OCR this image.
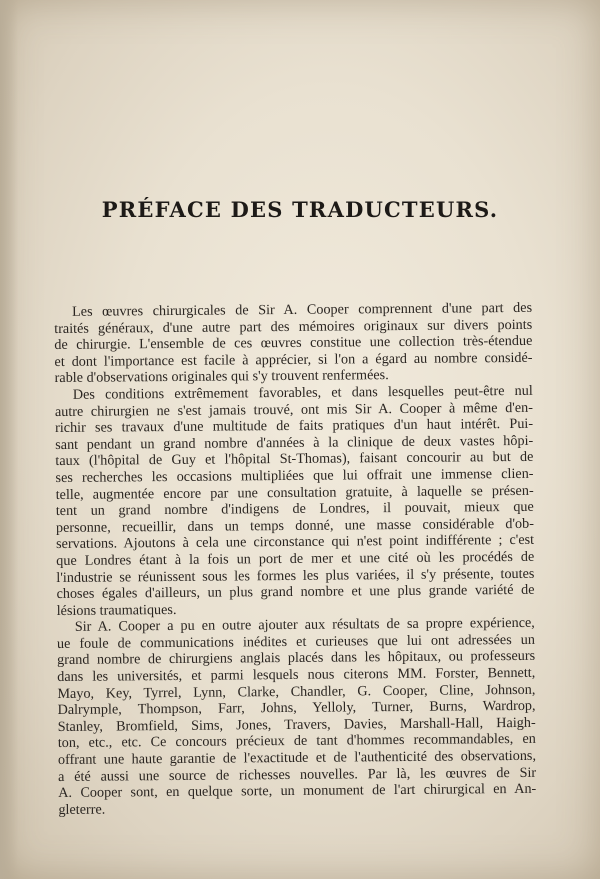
PRÉFACE DES TRADUCTEURS.
Les œuvres chirurgicales de Sir A. Cooper comprennent d'une part des
traités généraux, d'une autre part des mémoires originaux sur divers points
de chirurgie. L'ensemble de ces œuvres constitue une collection très-étendue
et dont l'importance est facile à apprécier, si l'on a égard au nombre considé-
rable d'observations originales qui s'y trouvent renfermées.
Des conditions extrêmement favorables, et dans lesquelles peut-être nul
autre chirurgien ne s'est jamais trouvé, ont mis Sir A. Cooper à même d'en-
richir ses travaux d'une multitude de faits pratiques d'un haut intérêt. Pui-
sant pendant un grand nombre d'années à la clinique de deux vastes hôpi-
taux (l'hôpital de Guy et l'hôpital St-Thomas), faisant concourir au but de
ses recherches les occasions multipliées que lui offrait une immense clien-
telle, augmentée encore par une consultation gratuite, à laquelle se présen-
tent un grand nombre d'indigens de Londres, il pouvait, mieux que
personne, recueillir, dans un temps donné, une masse considérable d'ob-
servations. Ajoutons à cela une circonstance qui n'est point indifférente ; c'est
que Londres étant à la fois un port de mer et une cité où les procédés de
l'industrie se réunissent sous les formes les plus variées, il s'y présente, toutes
choses égales d'ailleurs, un plus grand nombre et une plus grande variété de
lésions traumatiques.
Sir A. Cooper a pu en outre ajouter aux résultats de sa propre expérience,
ue foule de communications inédites et curieuses que lui ont adressées un
grand nombre de chirurgiens anglais placés dans les hôpitaux, ou professeurs
dans les universités, et parmi lesquels nous citerons MM. Forster, Bennett,
Mayo, Key, Tyrrel, Lynn, Clarke, Chandler, G. Cooper, Cline, Johnson,
Dalrymple, Thompson, Farr, Johns, Yelloly, Turner, Burns, Wardrop,
Stanley, Bromfield, Sims, Jones, Travers, Davies, Marshall-Hall, Haigh-
ton, etc., etc. Ce concours précieux de tant d'hommes recommandables, en
offrant une haute garantie de l'exactitude et de l'authenticité des observations,
a été aussi une source de richesses nouvelles. Par là, les œuvres de Sir
A. Cooper sont, en quelque sorte, un monument de l'art chirurgical en An-
gleterre.
